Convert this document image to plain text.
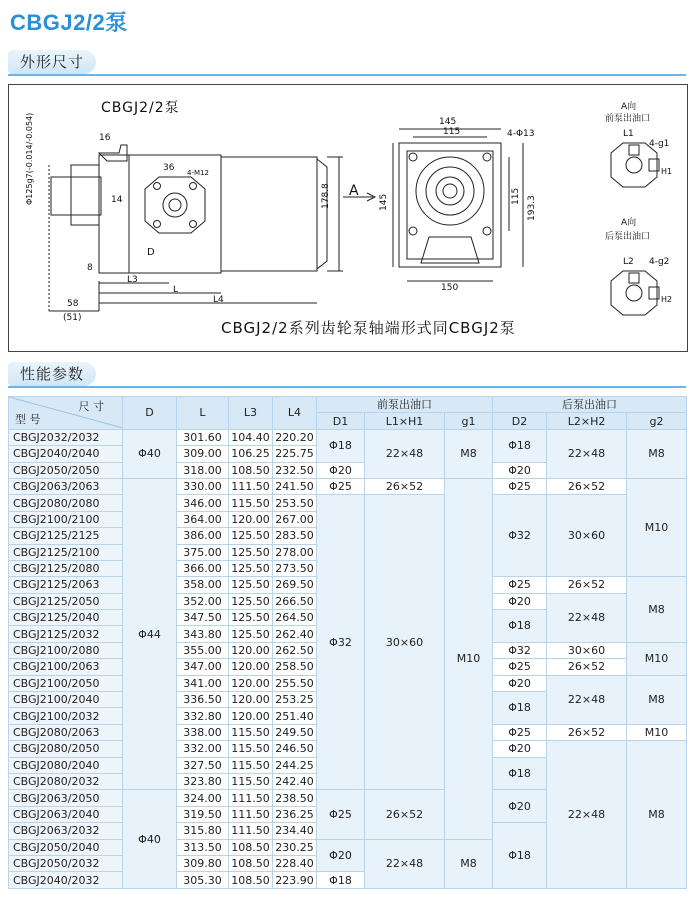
CBGJ2/2泵
外形尺寸
CBGJ2/2泵
CBGJ2/2系列齿轮泵轴端形式同CBGJ2泵
A
16
36 4-M12
Φ125g7(-0.014/-0.054)	14
8
D
L3
L
L4
58
(51)
178.8
145
115	4-Φ13
145	115 193.3
150
A向
前泵出油口
L1
4-g1
H1
A向
后泵出油口
L2 4-g2
H2
性能参数
尺 寸
型 号	D	L	L3	L4	前泵出油口			后泵出油口		
					D1	L1×H1	g1	D2	L2×H2	g2
CBGJ2032/2032	Φ40	301.60	104.40	220.20	Φ18	22×48	M8	Φ18	22×48	M8
CBGJ2040/2040		309.00	106.25	225.75						
CBGJ2050/2050		318.00	108.50	232.50	Φ20			Φ20		
CBGJ2063/2063	Φ44	330.00	111.50	241.50	Φ25	26×52	M10	Φ25	26×52	M10
CBGJ2080/2080		346.00	115.50	253.50	Φ32	30×60		Φ32	30×60	
CBGJ2100/2100		364.00	120.00	267.00						
CBGJ2125/2125		386.00	125.50	283.50						
CBGJ2125/2100		375.00	125.50	278.00						
CBGJ2125/2080		366.00	125.50	273.50						
CBGJ2125/2063		358.00	125.50	269.50				Φ25	26×52	M8
CBGJ2125/2050		352.00	125.50	266.50				Φ20	22×48	
CBGJ2125/2040		347.50	125.50	264.50				Φ18		
CBGJ2125/2032		343.80	125.50	262.40						
CBGJ2100/2080		355.00	120.00	262.50				Φ32	30×60	M10
CBGJ2100/2063		347.00	120.00	258.50				Φ25	26×52	
CBGJ2100/2050		341.00	120.00	255.50				Φ20	22×48	M8
CBGJ2100/2040		336.50	120.00	253.25				Φ18		
CBGJ2100/2032		332.80	120.00	251.40						
CBGJ2080/2063		338.00	115.50	249.50				Φ25	26×52	M10
CBGJ2080/2050		332.00	115.50	246.50				Φ20	22×48	M8
CBGJ2080/2040		327.50	115.50	244.25				Φ18		
CBGJ2080/2032		323.80	115.50	242.40						
CBGJ2063/2050	Φ40	324.00	111.50	238.50	Φ25	26×52		Φ20		
CBGJ2063/2040		319.50	111.50	236.25						
CBGJ2063/2032		315.80	111.50	234.40				Φ18		
CBGJ2050/2040		313.50	108.50	230.25	Φ20	22×48	M8			
CBGJ2050/2032		309.80	108.50	228.40						
CBGJ2040/2032		305.30	108.50	223.90	Φ18					
